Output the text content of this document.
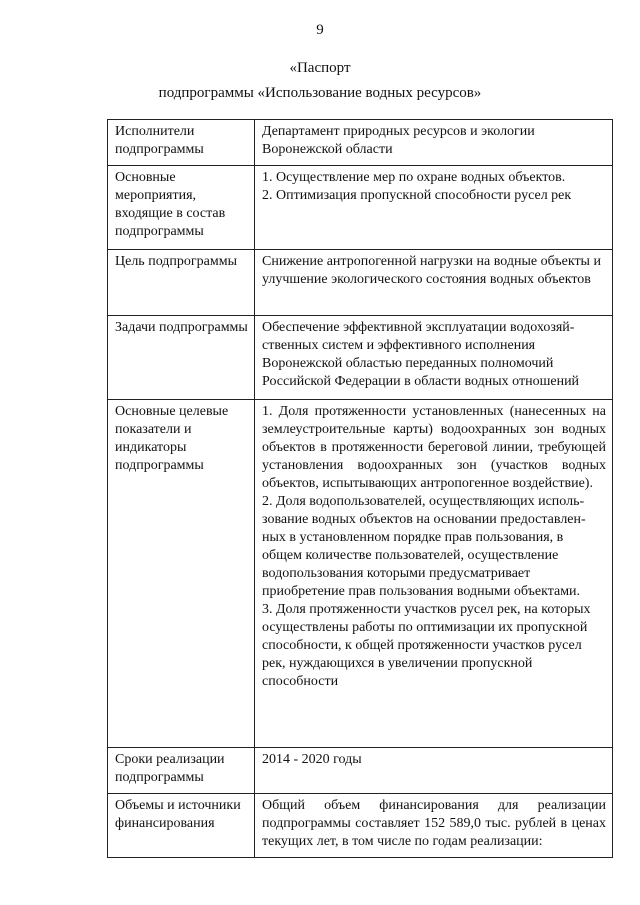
9
«Паспорт
подпрограммы «Использование водных ресурсов»
Исполнители подпрограммы	Департамент природных ресурсов и экологии Воронежской области

Основные мероприятия, входящие в состав подпрограммы	1. Осуществление мер по охране водных объектов.
2. Оптимизация пропускной способности русел рек

Цель подпрограммы	Снижение антропогенной нагрузки на водные объекты и улучшение экологического состояния водных объектов

Задачи подпрограммы	Обеспечение эффективной эксплуатации водохозяй-ственных систем и эффективного исполнения Воронежской областью переданных полномочий Российской Федерации в области водных отношений

Основные целевые показатели и индикаторы подпрограммы	1. Доля протяженности установленных (нанесенных на землеустроительные карты) водоохранных зон водных объектов в протяженности береговой линии, требующей установления водоохранных зон (участков водных объектов, испытывающих антропогенное воздействие).
2. Доля водопользователей, осуществляющих исполь-зование водных объектов на основании предоставлен-ных в установленном порядке прав пользования, в общем количестве пользователей, осуществление водопользования которыми предусматривает приобретение прав пользования водными объектами.
3. Доля протяженности участков русел рек, на которых осуществлены работы по оптимизации их пропускной способности, к общей протяженности участков русел рек, нуждающихся в увеличении пропускной способности

Сроки реализации подпрограммы	2014 - 2020 годы

Объемы и источники финансирования	Общий объем финансирования для реализации подпрограммы составляет 152 589,0 тыс. рублей в ценах текущих лет, в том числе по годам реализации:
